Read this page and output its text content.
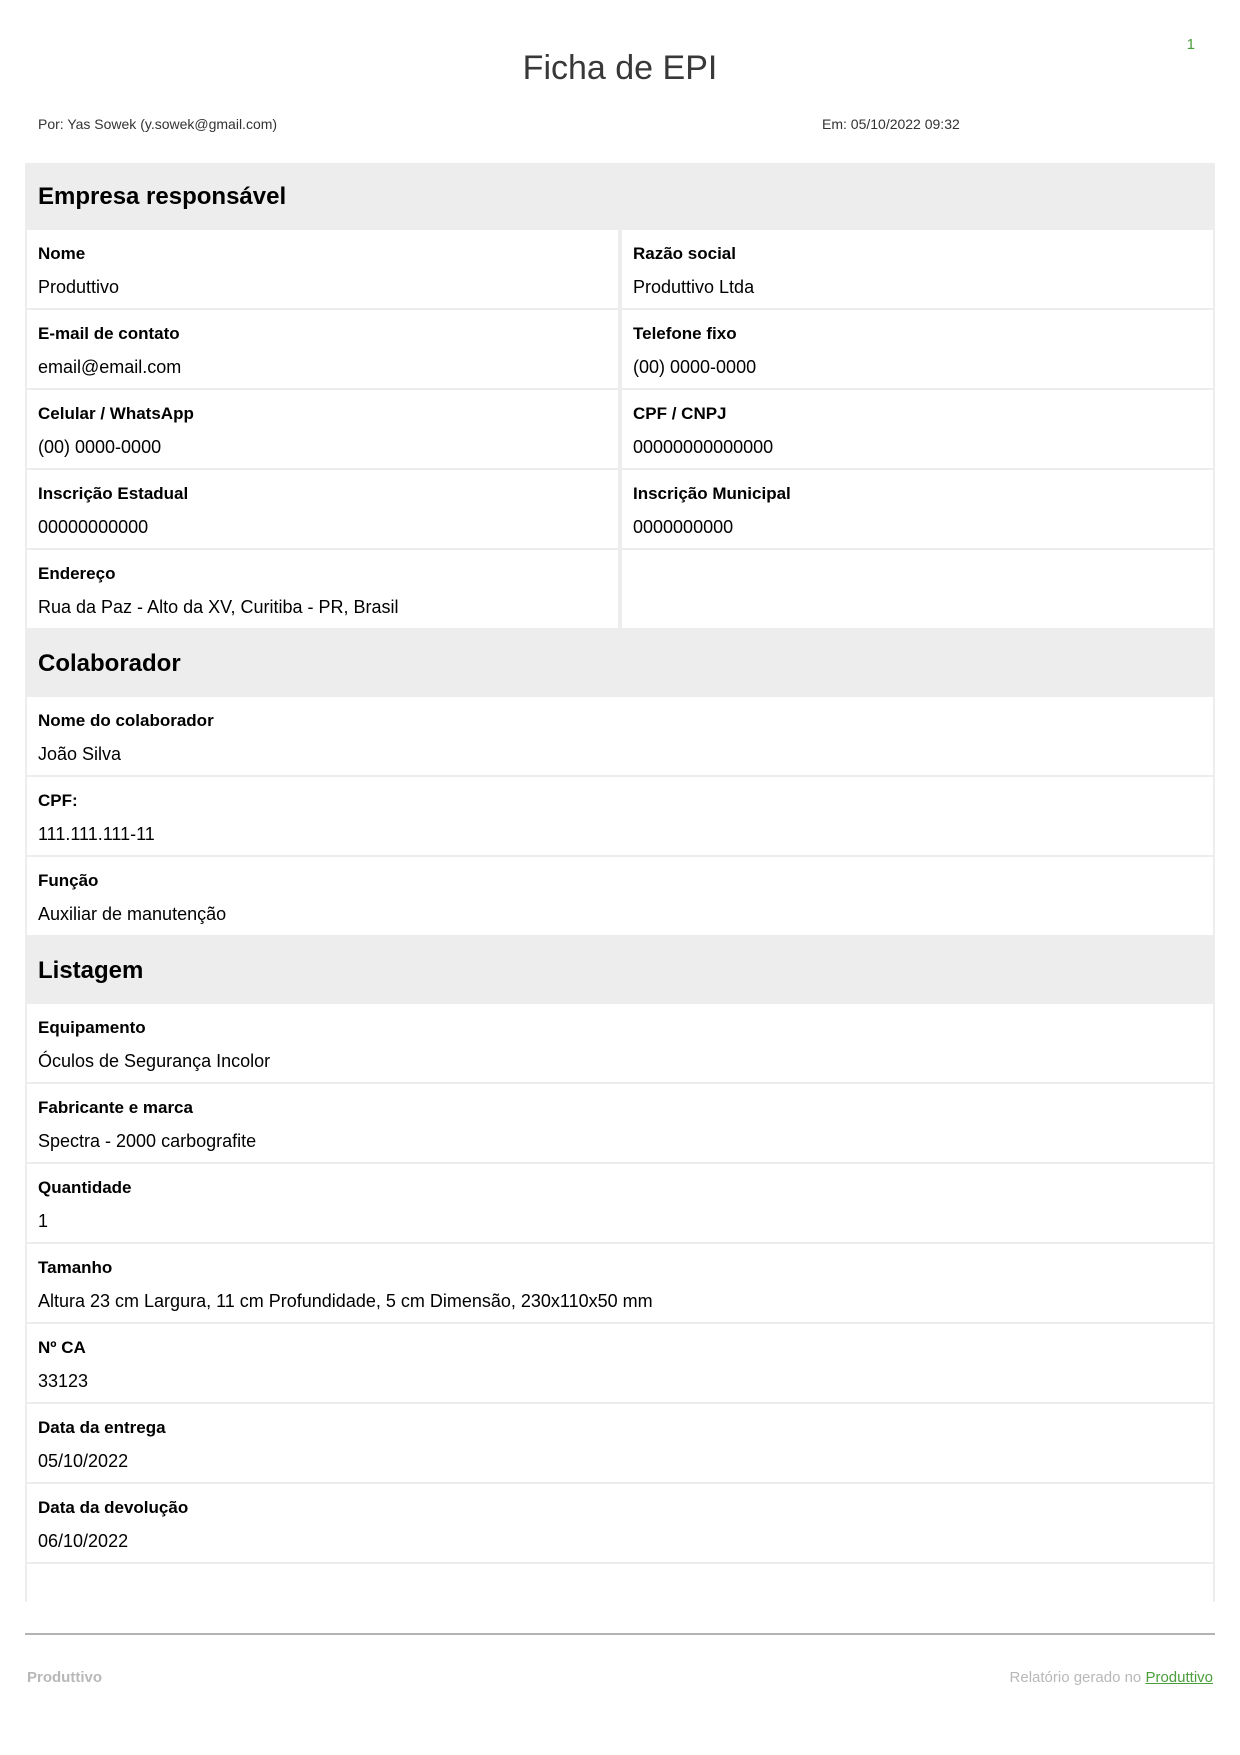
1
Ficha de EPI
Por: Yas Sowek (y.sowek@gmail.com)	Em: 05/10/2022 09:32
Empresa responsável
Nome
Produttivo
Razão social
Produttivo Ltda
E-mail de contato
email@email.com
Telefone fixo
(00) 0000-0000
Celular / WhatsApp
(00) 0000-0000
CPF / CNPJ
00000000000000
Inscrição Estadual
00000000000
Inscrição Municipal
0000000000
Endereço
Rua da Paz - Alto da XV, Curitiba - PR, Brasil
Colaborador
Nome do colaborador
João Silva
CPF:
111.111.111-11
Função
Auxiliar de manutenção
Listagem
Equipamento
Óculos de Segurança Incolor
Fabricante e marca
Spectra - 2000 carbografite
Quantidade
1
Tamanho
Altura 23 cm Largura, 11 cm Profundidade, 5 cm Dimensão, 230x110x50 mm
Nº CA
33123
Data da entrega
05/10/2022
Data da devolução
06/10/2022
Produttivo	Relatório gerado no Produttivo
